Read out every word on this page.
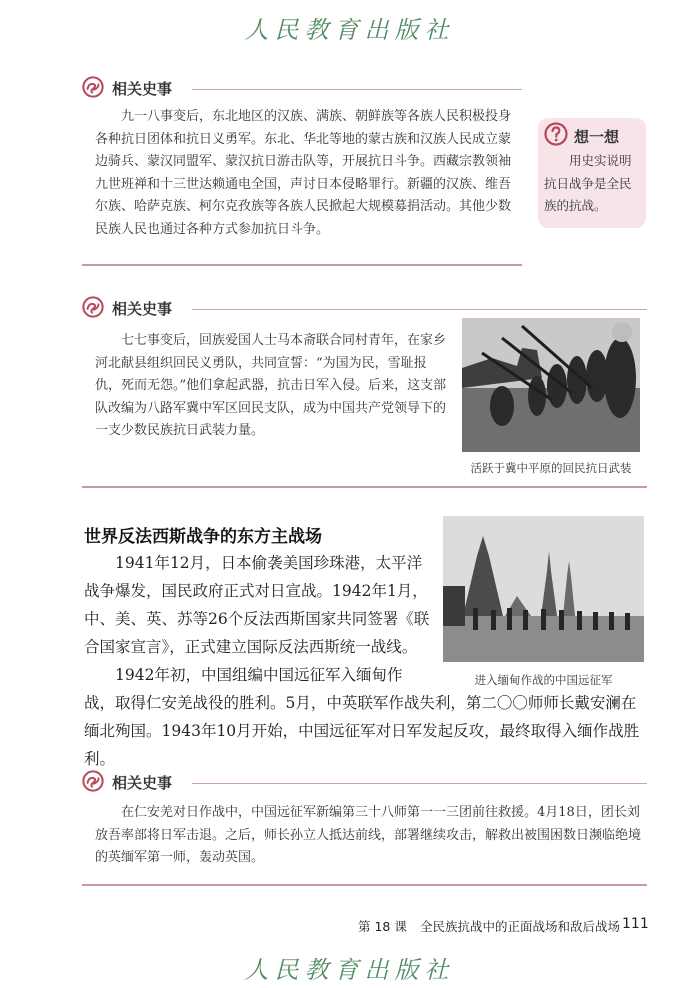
人民教育出版社
相关史事

九一八事变后，东北地区的汉族、满族、朝鲜族等各族人民积极投身各种抗日团体和抗日义勇军。东北、华北等地的蒙古族和汉族人民成立蒙边骑兵、蒙汉同盟军、蒙汉抗日游击队等，开展抗日斗争。西藏宗教领袖九世班禅和十三世达赖通电全国，声讨日本侵略罪行。新疆的汉族、维吾尔族、哈萨克族、柯尔克孜族等各族人民掀起大规模募捐活动。其他少数民族人民也通过各种方式参加抗日斗争。

想一想

用史实说明抗日战争是全民族的抗战。

相关史事

七七事变后，回族爱国人士马本斋联合同村青年，在家乡河北献县组织回民义勇队，共同宣誓：“为国为民，雪耻报仇，死而无怨。”他们拿起武器，抗击日军入侵。后来，这支部队改编为八路军冀中军区回民支队，成为中国共产党领导下的一支少数民族抗日武装力量。

活跃于冀中平原的回民抗日武装
世界反法西斯战争的东方主战场

1941年12月，日本偷袭美国珍珠港，太平洋战争爆发，国民政府正式对日宣战。1942年1月，中、美、英、苏等26个反法西斯国家共同签署《联合国家宣言》，正式建立国际反法西斯统一战线。

1942年初，中国组编中国远征军入缅甸作

战，取得仁安羌战役的胜利。5月，中英联军作战失利，第二〇〇师师长戴安澜在缅北殉国。1943年10月开始，中国远征军对日军发起反攻，最终取得入缅作战胜利。

进入缅甸作战的中国远征军
相关史事

在仁安羌对日作战中，中国远征军新编第三十八师第一一三团前往救援。4月18日，团长刘放吾率部将日军击退。之后，师长孙立人抵达前线，部署继续攻击，解救出被围困数日濒临绝境的英缅军第一师，轰动英国。

第 18 课 全民族抗战中的正面战场和敌后战场 111
人民教育出版社
